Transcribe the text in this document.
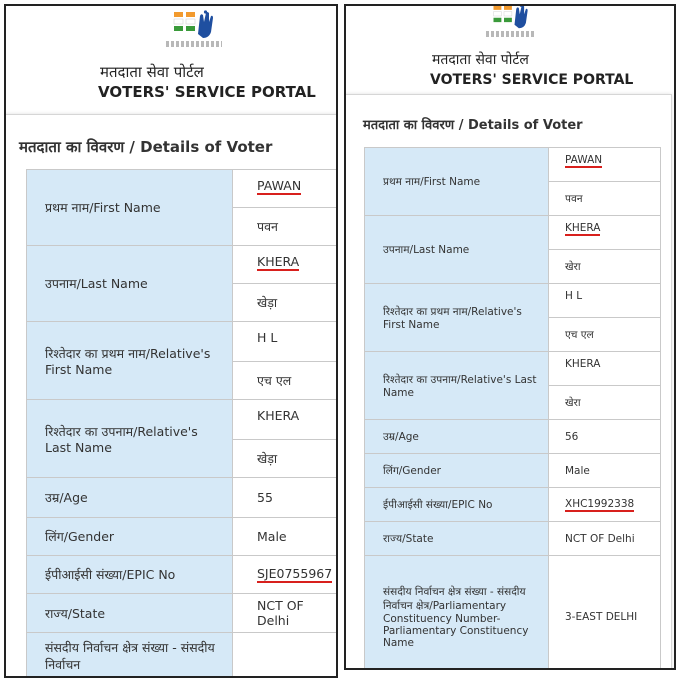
मतदाता सेवा पोर्टल
VOTERS' SERVICE PORTAL
मतदाता का विवरण / Details of Voter
प्रथम नाम/First Name	PAWAN
	पवन

उपनाम/Last Name	KHERA
	खेड़ा

रिश्तेदार का प्रथम नाम/Relative's First Name	H L
	एच एल

रिश्तेदार का उपनाम/Relative's Last Name	KHERA
	खेड़ा

उम्र/Age	55

लिंग/Gender	Male

ईपीआईसी संख्या/EPIC No	SJE0755967

राज्य/State	NCT OF Delhi

संसदीय निर्वाचन क्षेत्र संख्या - संसदीय निर्वाचन	

मतदाता सेवा पोर्टल
VOTERS' SERVICE PORTAL
मतदाता का विवरण / Details of Voter
प्रथम नाम/First Name	PAWAN
	पवन

उपनाम/Last Name	KHERA
	खेरा

रिश्तेदार का प्रथम नाम/Relative's First Name	H L
	एच एल

रिश्तेदार का उपनाम/Relative's Last Name	KHERA
	खेरा

उम्र/Age	56

लिंग/Gender	Male

ईपीआईसी संख्या/EPIC No	XHC1992338

राज्य/State	NCT OF Delhi

संसदीय निर्वाचन क्षेत्र संख्या - संसदीय निर्वाचन क्षेत्र/Parliamentary Constituency Number-Parliamentary Constituency Name	3-EAST DELHI
